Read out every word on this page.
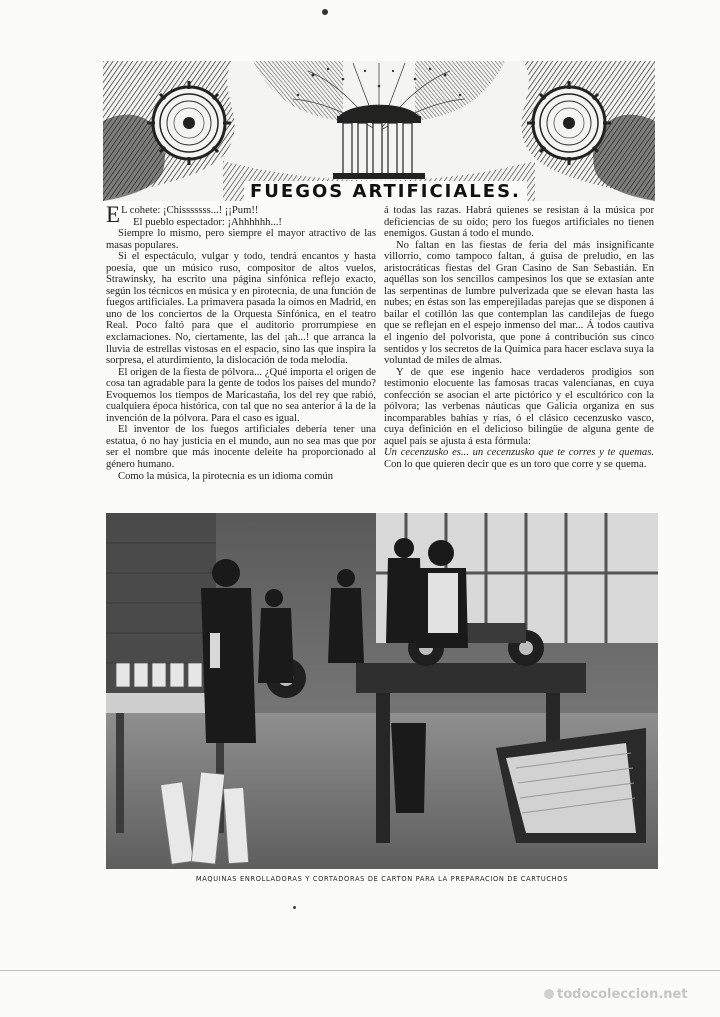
FUEGOS ARTIFICIALES.

E L cohete: ¡Chisssssss...! ¡¡Pum!!

El pueblo espectador: ¡Ahhhhhh...!

Siempre lo mismo, pero siempre el mayor atractivo de las masas populares.

Si el espectáculo, vulgar y todo, tendrá encantos y hasta poesía, que un músico ruso, compositor de altos vuelos, Strawinsky, ha escrito una página sinfónica reflejo exacto, según los técnicos en música y en pirotecnia, de una función de fuegos artificiales. La primavera pasada la oímos en Madrid, en uno de los conciertos de la Orquesta Sinfónica, en el teatro Real. Poco faltó para que el auditorio prorrumpiese en exclamaciones. No, ciertamente, las del ¡ah...! que arranca la lluvia de estrellas vistosas en el espacio, sino las que inspira la sorpresa, el aturdimiento, la dislocación de toda melodía.

El origen de la fiesta de pólvora... ¿Qué importa el origen de cosa tan agradable para la gente de todos los países del mundo? Evoquemos los tiempos de Maricastaña, los del rey que rabió, cualquiera época histórica, con tal que no sea anterior á la de la invención de la pólvora. Para el caso es igual.

El inventor de los fuegos artificiales debería tener una estatua, ó no hay justicia en el mundo, aun no sea mas que por ser el nombre que más inocente deleite ha proporcionado al género humano.

Como la música, la pirotecnia es un idioma común

á todas las razas. Habrá quienes se resistan á la música por deficiencias de su oído; pero los fuegos artificiales no tienen enemigos. Gustan á todo el mundo.

No faltan en las fiestas de feria del más insignificante villorrio, como tampoco faltan, á guisa de preludio, en las aristocráticas fiestas del Gran Casino de San Sebastián. En aquéllas son los sencillos campesinos los que se extasían ante las serpentinas de lumbre pulverizada que se elevan hasta las nubes; en éstas son las emperejiladas parejas que se disponen á bailar el cotillón las que contemplan las candilejas de fuego que se reflejan en el espejo inmenso del mar... Á todos cautiva el ingenio del polvorista, que pone á contribución sus cinco sentidos y los secretos de la Química para hacer esclava suya la voluntad de miles de almas.

Y de que ese ingenio hace verdaderos prodigios son testimonio elocuente las famosas tracas valencianas, en cuya confección se asocian el arte pictórico y el escultórico con la pólvora; las verbenas náuticas que Galicia organiza en sus incomparables bahías y rías, ó el clásico cecenzusko vasco, cuya definición en el delicioso bilingüe de alguna gente de aquel país se ajusta á esta fórmula:

Un cecenzusko es... un cecenzusko que te corres y te quemas. Con lo que quieren decir que es un toro que corre y se quema.

MAQUINAS ENROLLADORAS Y CORTADORAS DE CARTON PARA LA PREPARACION DE CARTUCHOS
todocoleccion.net
